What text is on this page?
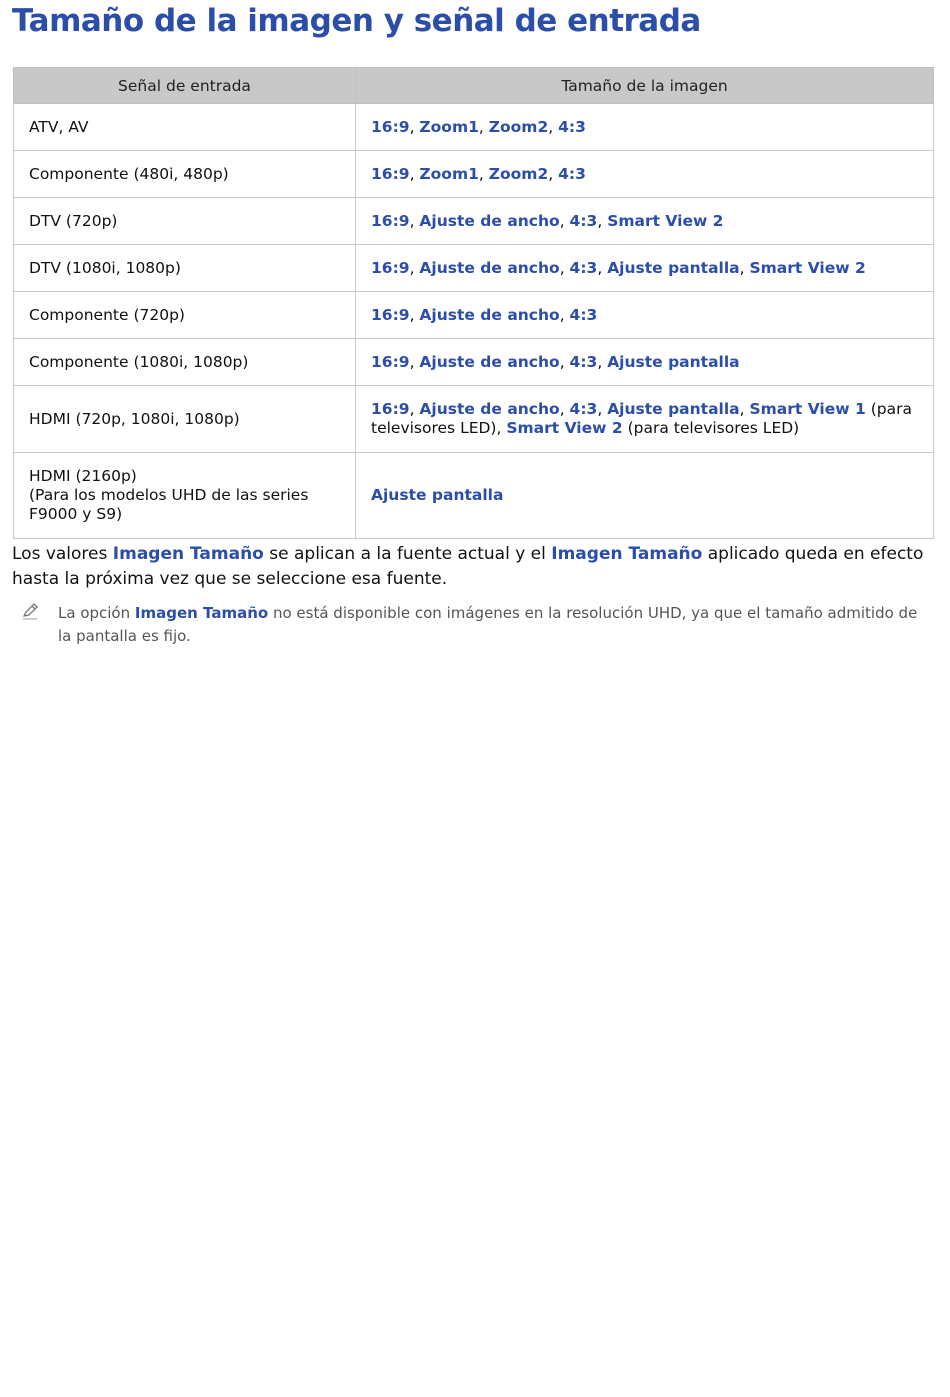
Tamaño de la imagen y señal de entrada
Señal de entrada	Tamaño de la imagen
ATV, AV	16:9, Zoom1, Zoom2, 4:3
Componente (480i, 480p)	16:9, Zoom1, Zoom2, 4:3
DTV (720p)	16:9, Ajuste de ancho, 4:3, Smart View 2
DTV (1080i, 1080p)	16:9, Ajuste de ancho, 4:3, Ajuste pantalla, Smart View 2
Componente (720p)	16:9, Ajuste de ancho, 4:3
Componente (1080i, 1080p)	16:9, Ajuste de ancho, 4:3, Ajuste pantalla
HDMI (720p, 1080i, 1080p)	16:9, Ajuste de ancho, 4:3, Ajuste pantalla, Smart View 1 (para televisores LED), Smart View 2 (para televisores LED)

HDMI (2160p)
(Para los modelos UHD de las series F9000 y S9)	Ajuste pantalla
Los valores Imagen Tamaño se aplican a la fuente actual y el Imagen Tamaño aplicado queda en efecto hasta la próxima vez que se seleccione esa fuente.
La opción Imagen Tamaño no está disponible con imágenes en la resolución UHD, ya que el tamaño admitido de la pantalla es fijo.
